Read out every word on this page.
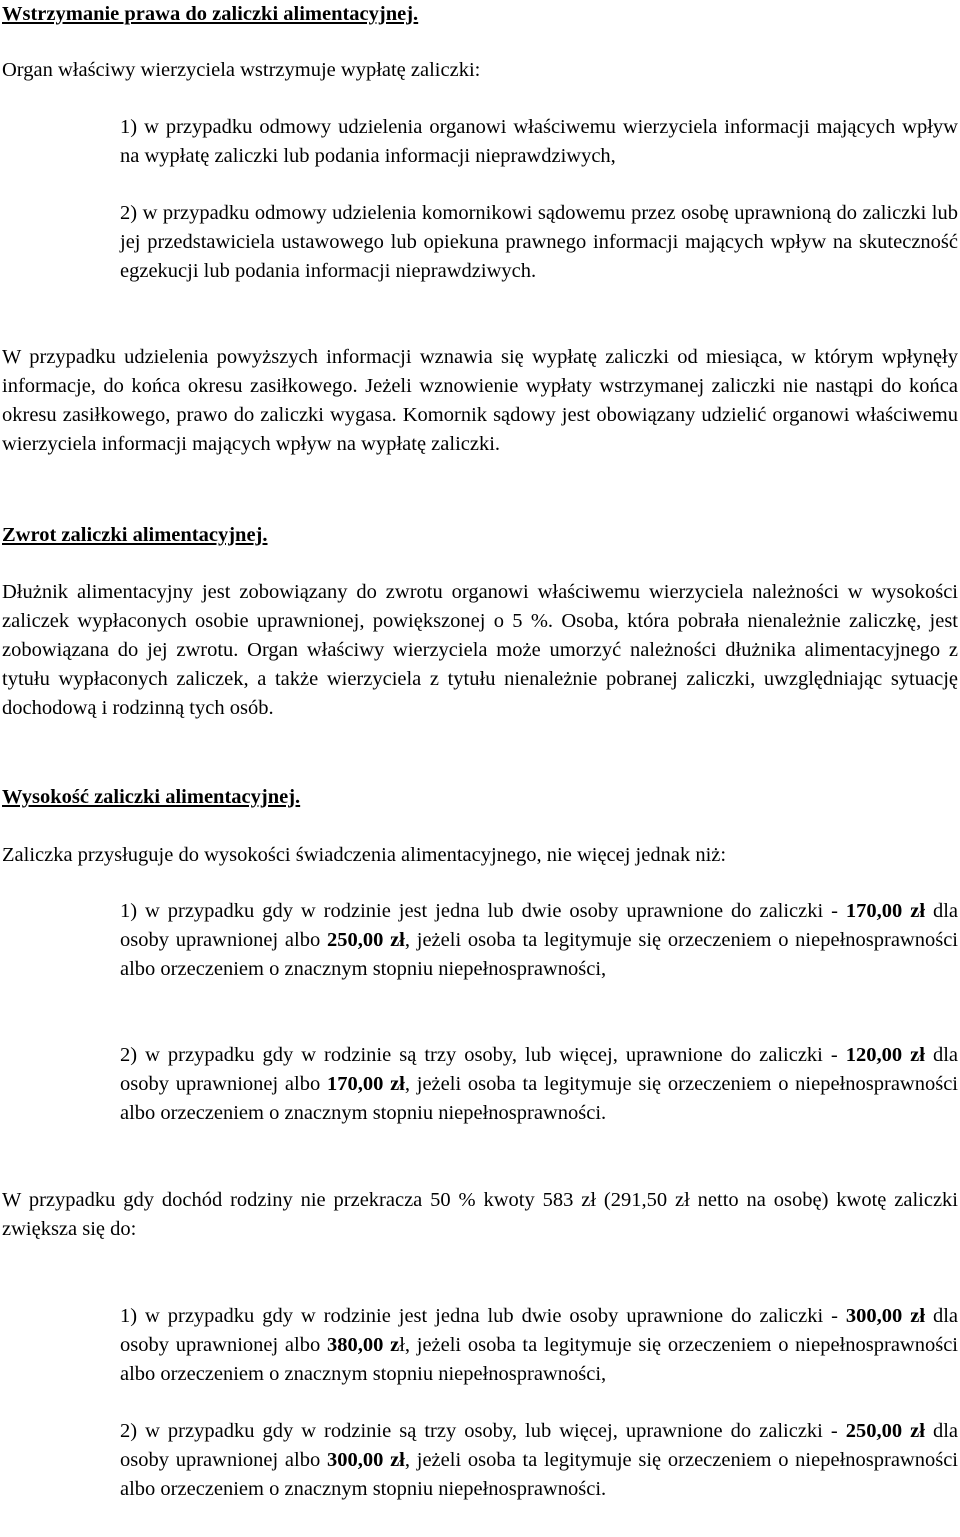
Wstrzymanie prawa do zaliczki alimentacyjnej.

Organ właściwy wierzyciela wstrzymuje wypłatę zaliczki:

1) w przypadku odmowy udzielenia organowi właściwemu wierzyciela informacji mających wpływ na wypłatę zaliczki lub podania informacji nieprawdziwych,

2) w przypadku odmowy udzielenia komornikowi sądowemu przez osobę uprawnioną do zaliczki lub jej przedstawiciela ustawowego lub opiekuna prawnego informacji mających wpływ na skuteczność egzekucji lub podania informacji nieprawdziwych.

W przypadku udzielenia powyższych informacji wznawia się wypłatę zaliczki od miesiąca, w którym wpłynęły informacje, do końca okresu zasiłkowego. Jeżeli wznowienie wypłaty wstrzymanej zaliczki nie nastąpi do końca okresu zasiłkowego, prawo do zaliczki wygasa. Komornik sądowy jest obowiązany udzielić organowi właściwemu wierzyciela informacji mających wpływ na wypłatę zaliczki.

Zwrot zaliczki alimentacyjnej.

Dłużnik alimentacyjny jest zobowiązany do zwrotu organowi właściwemu wierzyciela należności w wysokości zaliczek wypłaconych osobie uprawnionej, powiększonej o 5 %. Osoba, która pobrała nienależnie zaliczkę, jest zobowiązana do jej zwrotu. Organ właściwy wierzyciela może umorzyć należności dłużnika alimentacyjnego z tytułu wypłaconych zaliczek, a także wierzyciela z tytułu nienależnie pobranej zaliczki, uwzględniając sytuację dochodową i rodzinną tych osób.

Wysokość zaliczki alimentacyjnej.

Zaliczka przysługuje do wysokości świadczenia alimentacyjnego, nie więcej jednak niż:

1) w przypadku gdy w rodzinie jest jedna lub dwie osoby uprawnione do zaliczki - 170,00 zł dla osoby uprawnionej albo 250,00 zł, jeżeli osoba ta legitymuje się orzeczeniem o niepełnosprawności albo orzeczeniem o znacznym stopniu niepełnosprawności,

2) w przypadku gdy w rodzinie są trzy osoby, lub więcej, uprawnione do zaliczki - 120,00 zł dla osoby uprawnionej albo 170,00 zł, jeżeli osoba ta legitymuje się orzeczeniem o niepełnosprawności albo orzeczeniem o znacznym stopniu niepełnosprawności.

W przypadku gdy dochód rodziny nie przekracza 50 % kwoty 583 zł (291,50 zł netto na osobę) kwotę zaliczki zwiększa się do:

1) w przypadku gdy w rodzinie jest jedna lub dwie osoby uprawnione do zaliczki - 300,00 zł dla osoby uprawnionej albo 380,00 zł, jeżeli osoba ta legitymuje się orzeczeniem o niepełnosprawności albo orzeczeniem o znacznym stopniu niepełnosprawności,

2) w przypadku gdy w rodzinie są trzy osoby, lub więcej, uprawnione do zaliczki - 250,00 zł dla osoby uprawnionej albo 300,00 zł, jeżeli osoba ta legitymuje się orzeczeniem o niepełnosprawności albo orzeczeniem o znacznym stopniu niepełnosprawności.
